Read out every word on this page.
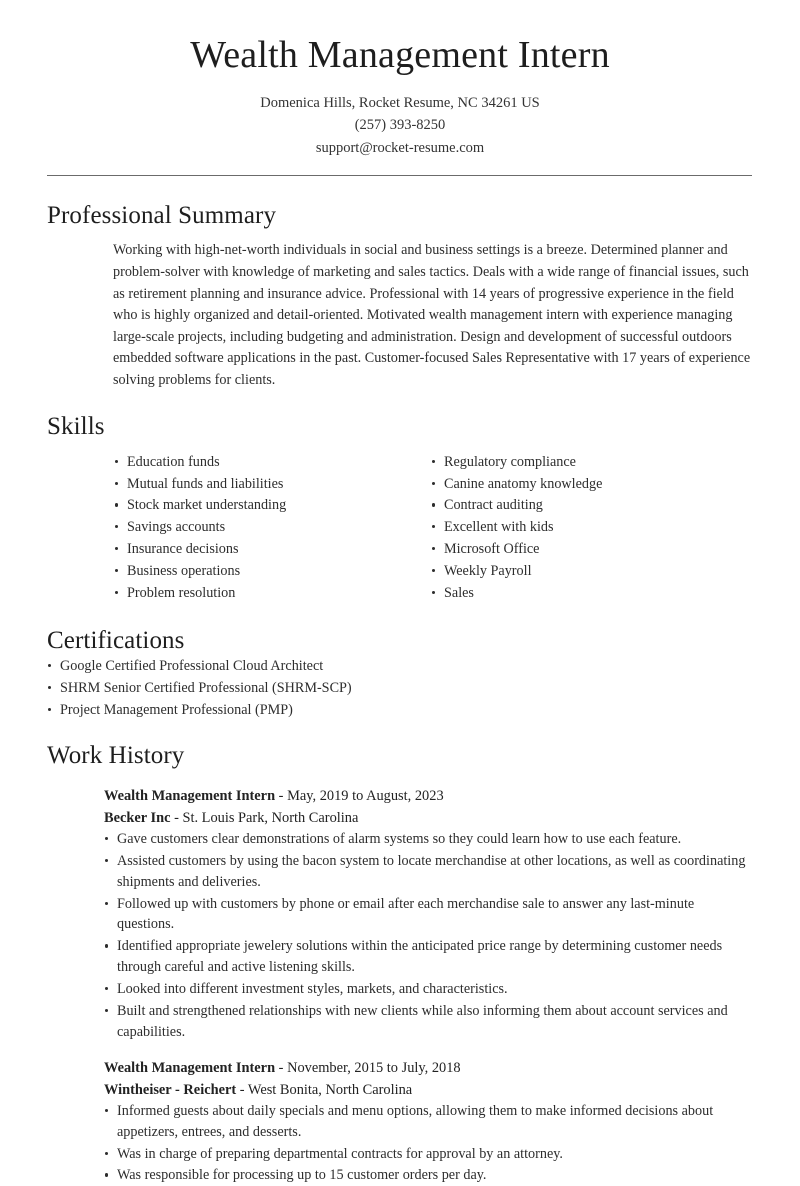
Wealth Management Intern
Domenica Hills, Rocket Resume, NC 34261 US
(257) 393-8250
support@rocket-resume.com
Professional Summary

Working with high-net-worth individuals in social and business settings is a breeze. Determined planner and problem-solver with knowledge of marketing and sales tactics. Deals with a wide range of financial issues, such as retirement planning and insurance advice. Professional with 14 years of progressive experience in the field who is highly organized and detail-oriented. Motivated wealth management intern with experience managing large-scale projects, including budgeting and administration. Design and development of successful outdoors embedded software applications in the past. Customer-focused Sales Representative with 17 years of experience solving problems for clients.

Skills
Education funds
Mutual funds and liabilities
Stock market understanding
Savings accounts
Insurance decisions
Business operations
Problem resolution
Regulatory compliance
Canine anatomy knowledge
Contract auditing
Excellent with kids
Microsoft Office
Weekly Payroll
Sales
Certifications
Google Certified Professional Cloud Architect
SHRM Senior Certified Professional (SHRM-SCP)
Project Management Professional (PMP)
Work History
Wealth Management Intern - May, 2019 to August, 2023
Becker Inc - St. Louis Park, North Carolina
Gave customers clear demonstrations of alarm systems so they could learn how to use each feature.
Assisted customers by using the bacon system to locate merchandise at other locations, as well as coordinating shipments and deliveries.
Followed up with customers by phone or email after each merchandise sale to answer any last-minute questions.
Identified appropriate jewelery solutions within the anticipated price range by determining customer needs through careful and active listening skills.
Looked into different investment styles, markets, and characteristics.
Built and strengthened relationships with new clients while also informing them about account services and capabilities.
Wealth Management Intern - November, 2015 to July, 2018
Wintheiser - Reichert - West Bonita, North Carolina
Informed guests about daily specials and menu options, allowing them to make informed decisions about appetizers, entrees, and desserts.
Was in charge of preparing departmental contracts for approval by an attorney.
Was responsible for processing up to 15 customer orders per day.
